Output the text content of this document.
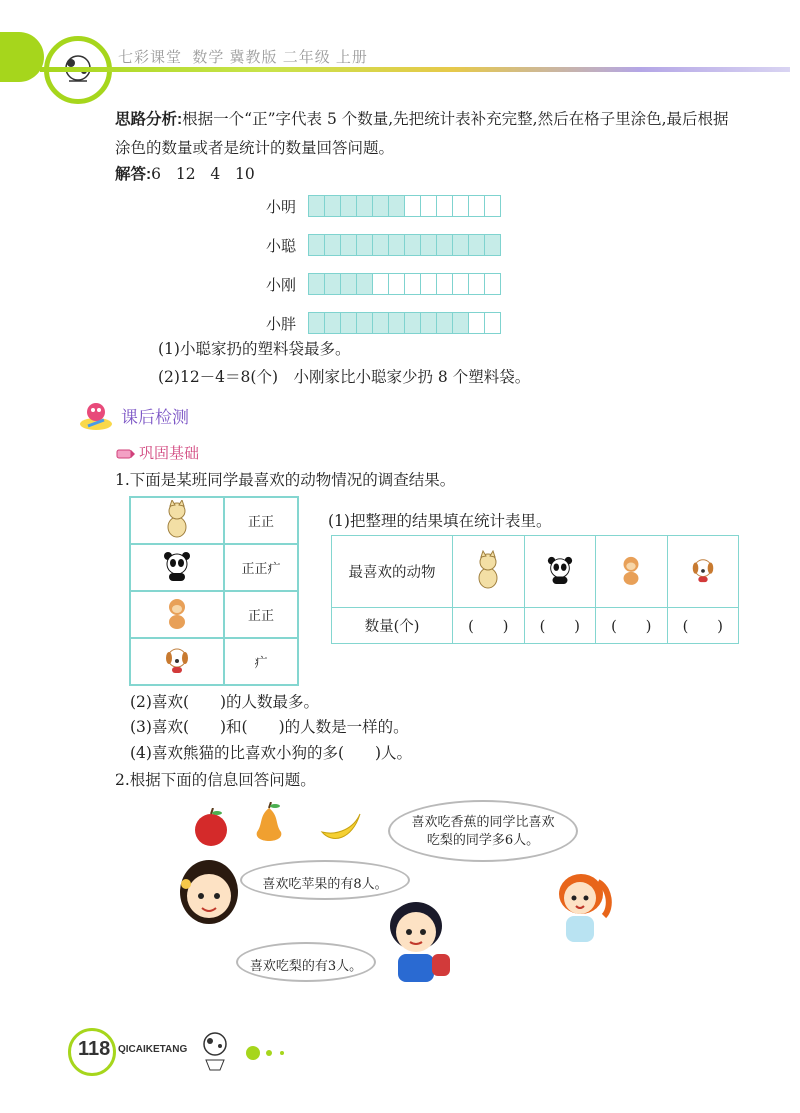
七彩课堂 数学 冀教版 二年级 上册
思路分析:根据一个“正”字代表 5 个数量,先把统计表补充完整,然后在格子里涂色,最后根据涂色的数量或者是统计的数量回答问题。
解答:6 12 4 10
小明
小聪
小刚
小胖
(1)小聪家扔的塑料袋最多。
(2)12－4＝8(个)　小刚家比小聪家少扔 8 个塑料袋。
课后检测
巩固基础
1.下面是某班同学最喜欢的动物情况的调查结果。
	正正
	正正疒
	正正
	疒
(1)把整理的结果填在统计表里。
最喜欢的动物				
数量(个)	(　　)	(　　)	(　　)	(　　)
(2)喜欢(　　)的人数最多。
(3)喜欢(　　)和(　　)的人数是一样的。
(4)喜欢熊猫的比喜欢小狗的多(　　)人。
2.根据下面的信息回答问题。
喜欢吃香蕉的同学比喜欢吃梨的同学多6人。
喜欢吃苹果的有8人。
喜欢吃梨的有3人。
118 QICAIKETANG
